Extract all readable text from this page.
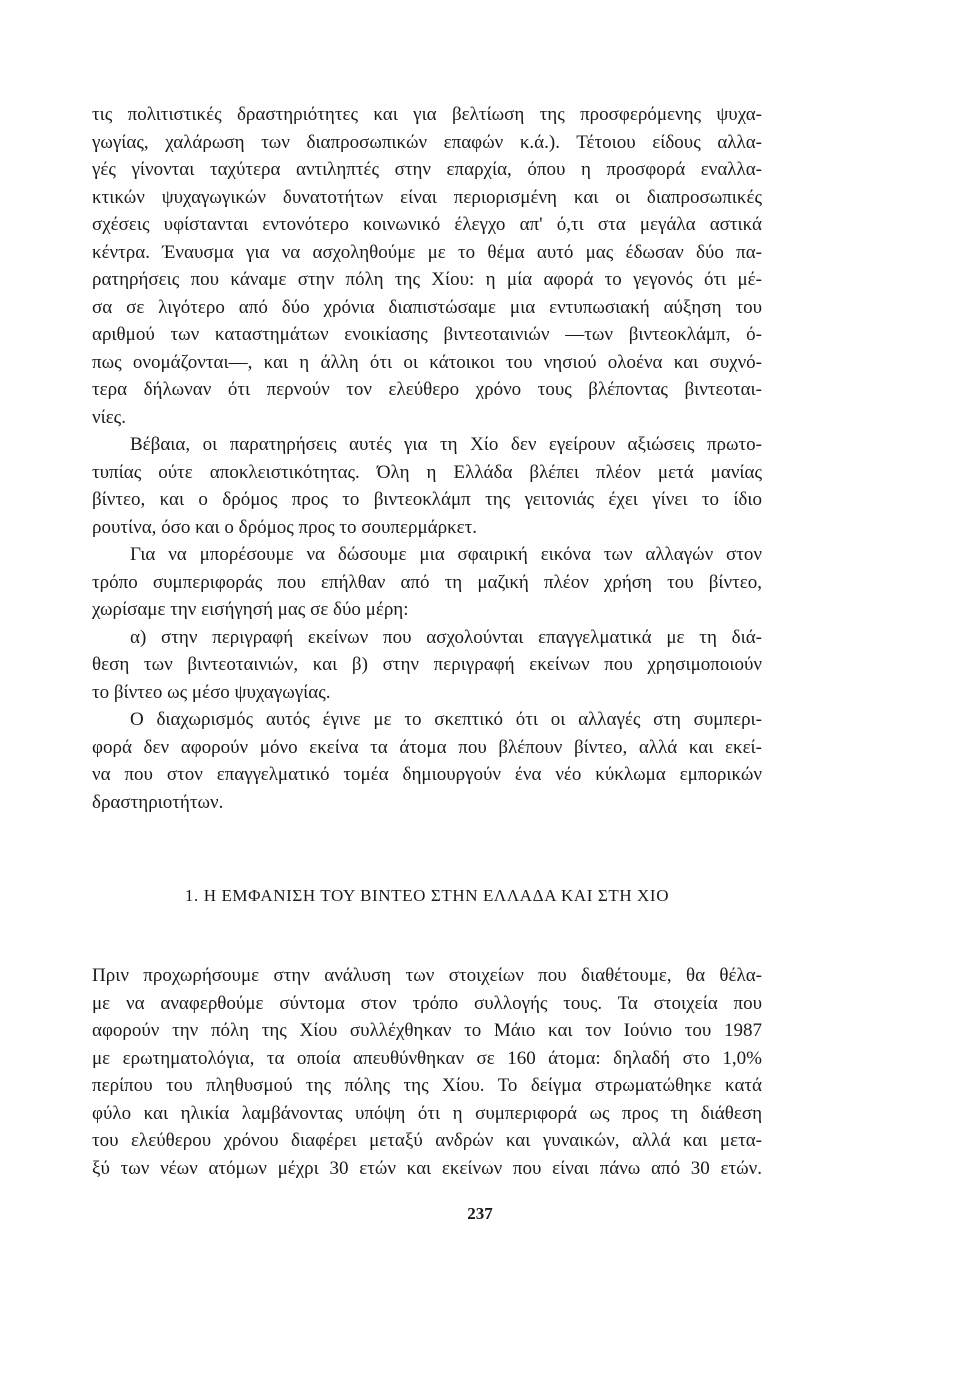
τις πολιτιστικές δραστηριότητες και για βελτίωση της προσφερόμενης ψυχα-
γωγίας, χαλάρωση των διαπροσωπικών επαφών κ.ά.). Τέτοιου είδους αλλα-
γές γίνονται ταχύτερα αντιληπτές στην επαρχία, όπου η προσφορά εναλλα-
κτικών ψυχαγωγικών δυνατοτήτων είναι περιορισμένη και οι διαπροσωπικές
σχέσεις υφίστανται εντονότερο κοινωνικό έλεγχο απ' ό,τι στα μεγάλα αστικά
κέντρα. Έναυσμα για να ασχοληθούμε με το θέμα αυτό μας έδωσαν δύο πα-
ρατηρήσεις που κάναμε στην πόλη της Χίου: η μία αφορά το γεγονός ότι μέ-
σα σε λιγότερο από δύο χρόνια διαπιστώσαμε μια εντυπωσιακή αύξηση του
αριθμού των καταστημάτων ενοικίασης βιντεοταινιών —των βιντεοκλάμπ, ό-
πως ονομάζονται—, και η άλλη ότι οι κάτοικοι του νησιού ολοένα και συχνό-
τερα δήλωναν ότι περνούν τον ελεύθερο χρόνο τους βλέποντας βιντεοται-
νίες.
Βέβαια, οι παρατηρήσεις αυτές για τη Χίο δεν εγείρουν αξιώσεις πρωτο-
τυπίας ούτε αποκλειστικότητας. Όλη η Ελλάδα βλέπει πλέον μετά μανίας
βίντεο, και ο δρόμος προς το βιντεοκλάμπ της γειτονιάς έχει γίνει το ίδιο
ρουτίνα, όσο και ο δρόμος προς το σουπερμάρκετ.
Για να μπορέσουμε να δώσουμε μια σφαιρική εικόνα των αλλαγών στον
τρόπο συμπεριφοράς που επήλθαν από τη μαζική πλέον χρήση του βίντεο,
χωρίσαμε την εισήγησή μας σε δύο μέρη:
α) στην περιγραφή εκείνων που ασχολούνται επαγγελματικά με τη διά-
θεση των βιντεοταινιών, και β) στην περιγραφή εκείνων που χρησιμοποιούν
το βίντεο ως μέσο ψυχαγωγίας.
Ο διαχωρισμός αυτός έγινε με το σκεπτικό ότι οι αλλαγές στη συμπερι-
φορά δεν αφορούν μόνο εκείνα τα άτομα που βλέπουν βίντεο, αλλά και εκεί-
να που στον επαγγελματικό τομέα δημιουργούν ένα νέο κύκλωμα εμπορικών
δραστηριοτήτων.
1. Η ΕΜΦΑΝΙΣΗ ΤΟΥ ΒΙΝΤΕΟ ΣΤΗΝ ΕΛΛΑΔΑ ΚΑΙ ΣΤΗ ΧΙΟ
Πριν προχωρήσουμε στην ανάλυση των στοιχείων που διαθέτουμε, θα θέλα-
με να αναφερθούμε σύντομα στον τρόπο συλλογής τους. Τα στοιχεία που
αφορούν την πόλη της Χίου συλλέχθηκαν το Μάιο και τον Ιούνιο του 1987
με ερωτηματολόγια, τα οποία απευθύνθηκαν σε 160 άτομα: δηλαδή στο 1,0%
περίπου του πληθυσμού της πόλης της Χίου. Το δείγμα στρωματώθηκε κατά
φύλο και ηλικία λαμβάνοντας υπόψη ότι η συμπεριφορά ως προς τη διάθεση
του ελεύθερου χρόνου διαφέρει μεταξύ ανδρών και γυναικών, αλλά και μετα-
ξύ των νέων ατόμων μέχρι 30 ετών και εκείνων που είναι πάνω από 30 ετών.
237
